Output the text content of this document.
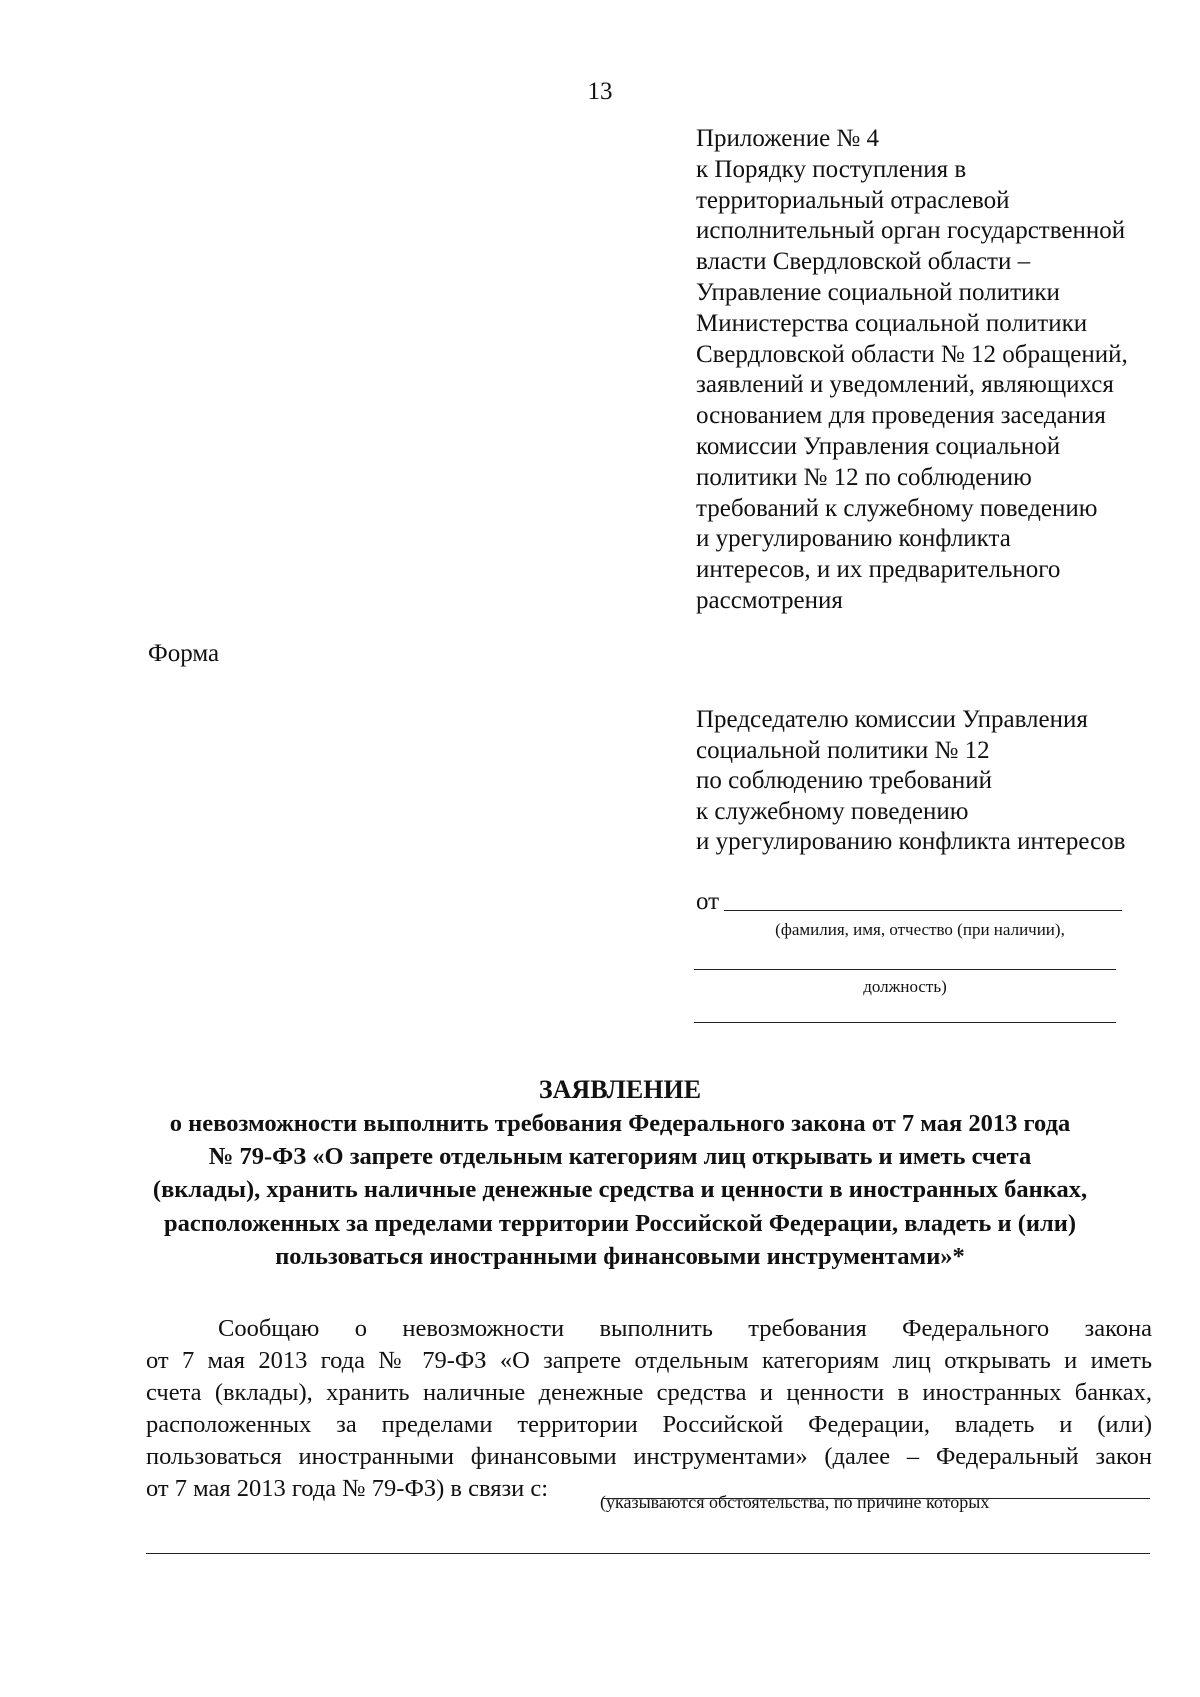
13
Приложение № 4
к Порядку поступления в
территориальный отраслевой
исполнительный орган государственной
власти Свердловской области –
Управление социальной политики
Министерства социальной политики
Свердловской области № 12 обращений,
заявлений и уведомлений, являющихся
основанием для проведения заседания
комиссии Управления социальной
политики № 12 по соблюдению
требований к служебному поведению
и урегулированию конфликта
интересов, и их предварительного
рассмотрения
Форма
Председателю комиссии Управления
социальной политики № 12
по соблюдению требований
к служебному поведению
и урегулированию конфликта интересов
от
(фамилия, имя, отчество (при наличии),
должность)
ЗАЯВЛЕНИЕ
о невозможности выполнить требования Федерального закона от 7 мая 2013 года
№ 79-ФЗ «О запрете отдельным категориям лиц открывать и иметь счета
(вклады), хранить наличные денежные средства и ценности в иностранных банках,
расположенных за пределами территории Российской Федерации, владеть и (или)
пользоваться иностранными финансовыми инструментами»*
Сообщаю о невозможности выполнить требования Федерального закона
от 7 мая 2013 года № 79-ФЗ «О запрете отдельным категориям лиц открывать и иметь
счета (вклады), хранить наличные денежные средства и ценности в иностранных банках,
расположенных за пределами территории Российской Федерации, владеть и (или)
пользоваться иностранными финансовыми инструментами» (далее – Федеральный закон
от 7 мая 2013 года № 79-ФЗ) в связи с:	(указываются обстоятельства, по причине которых
